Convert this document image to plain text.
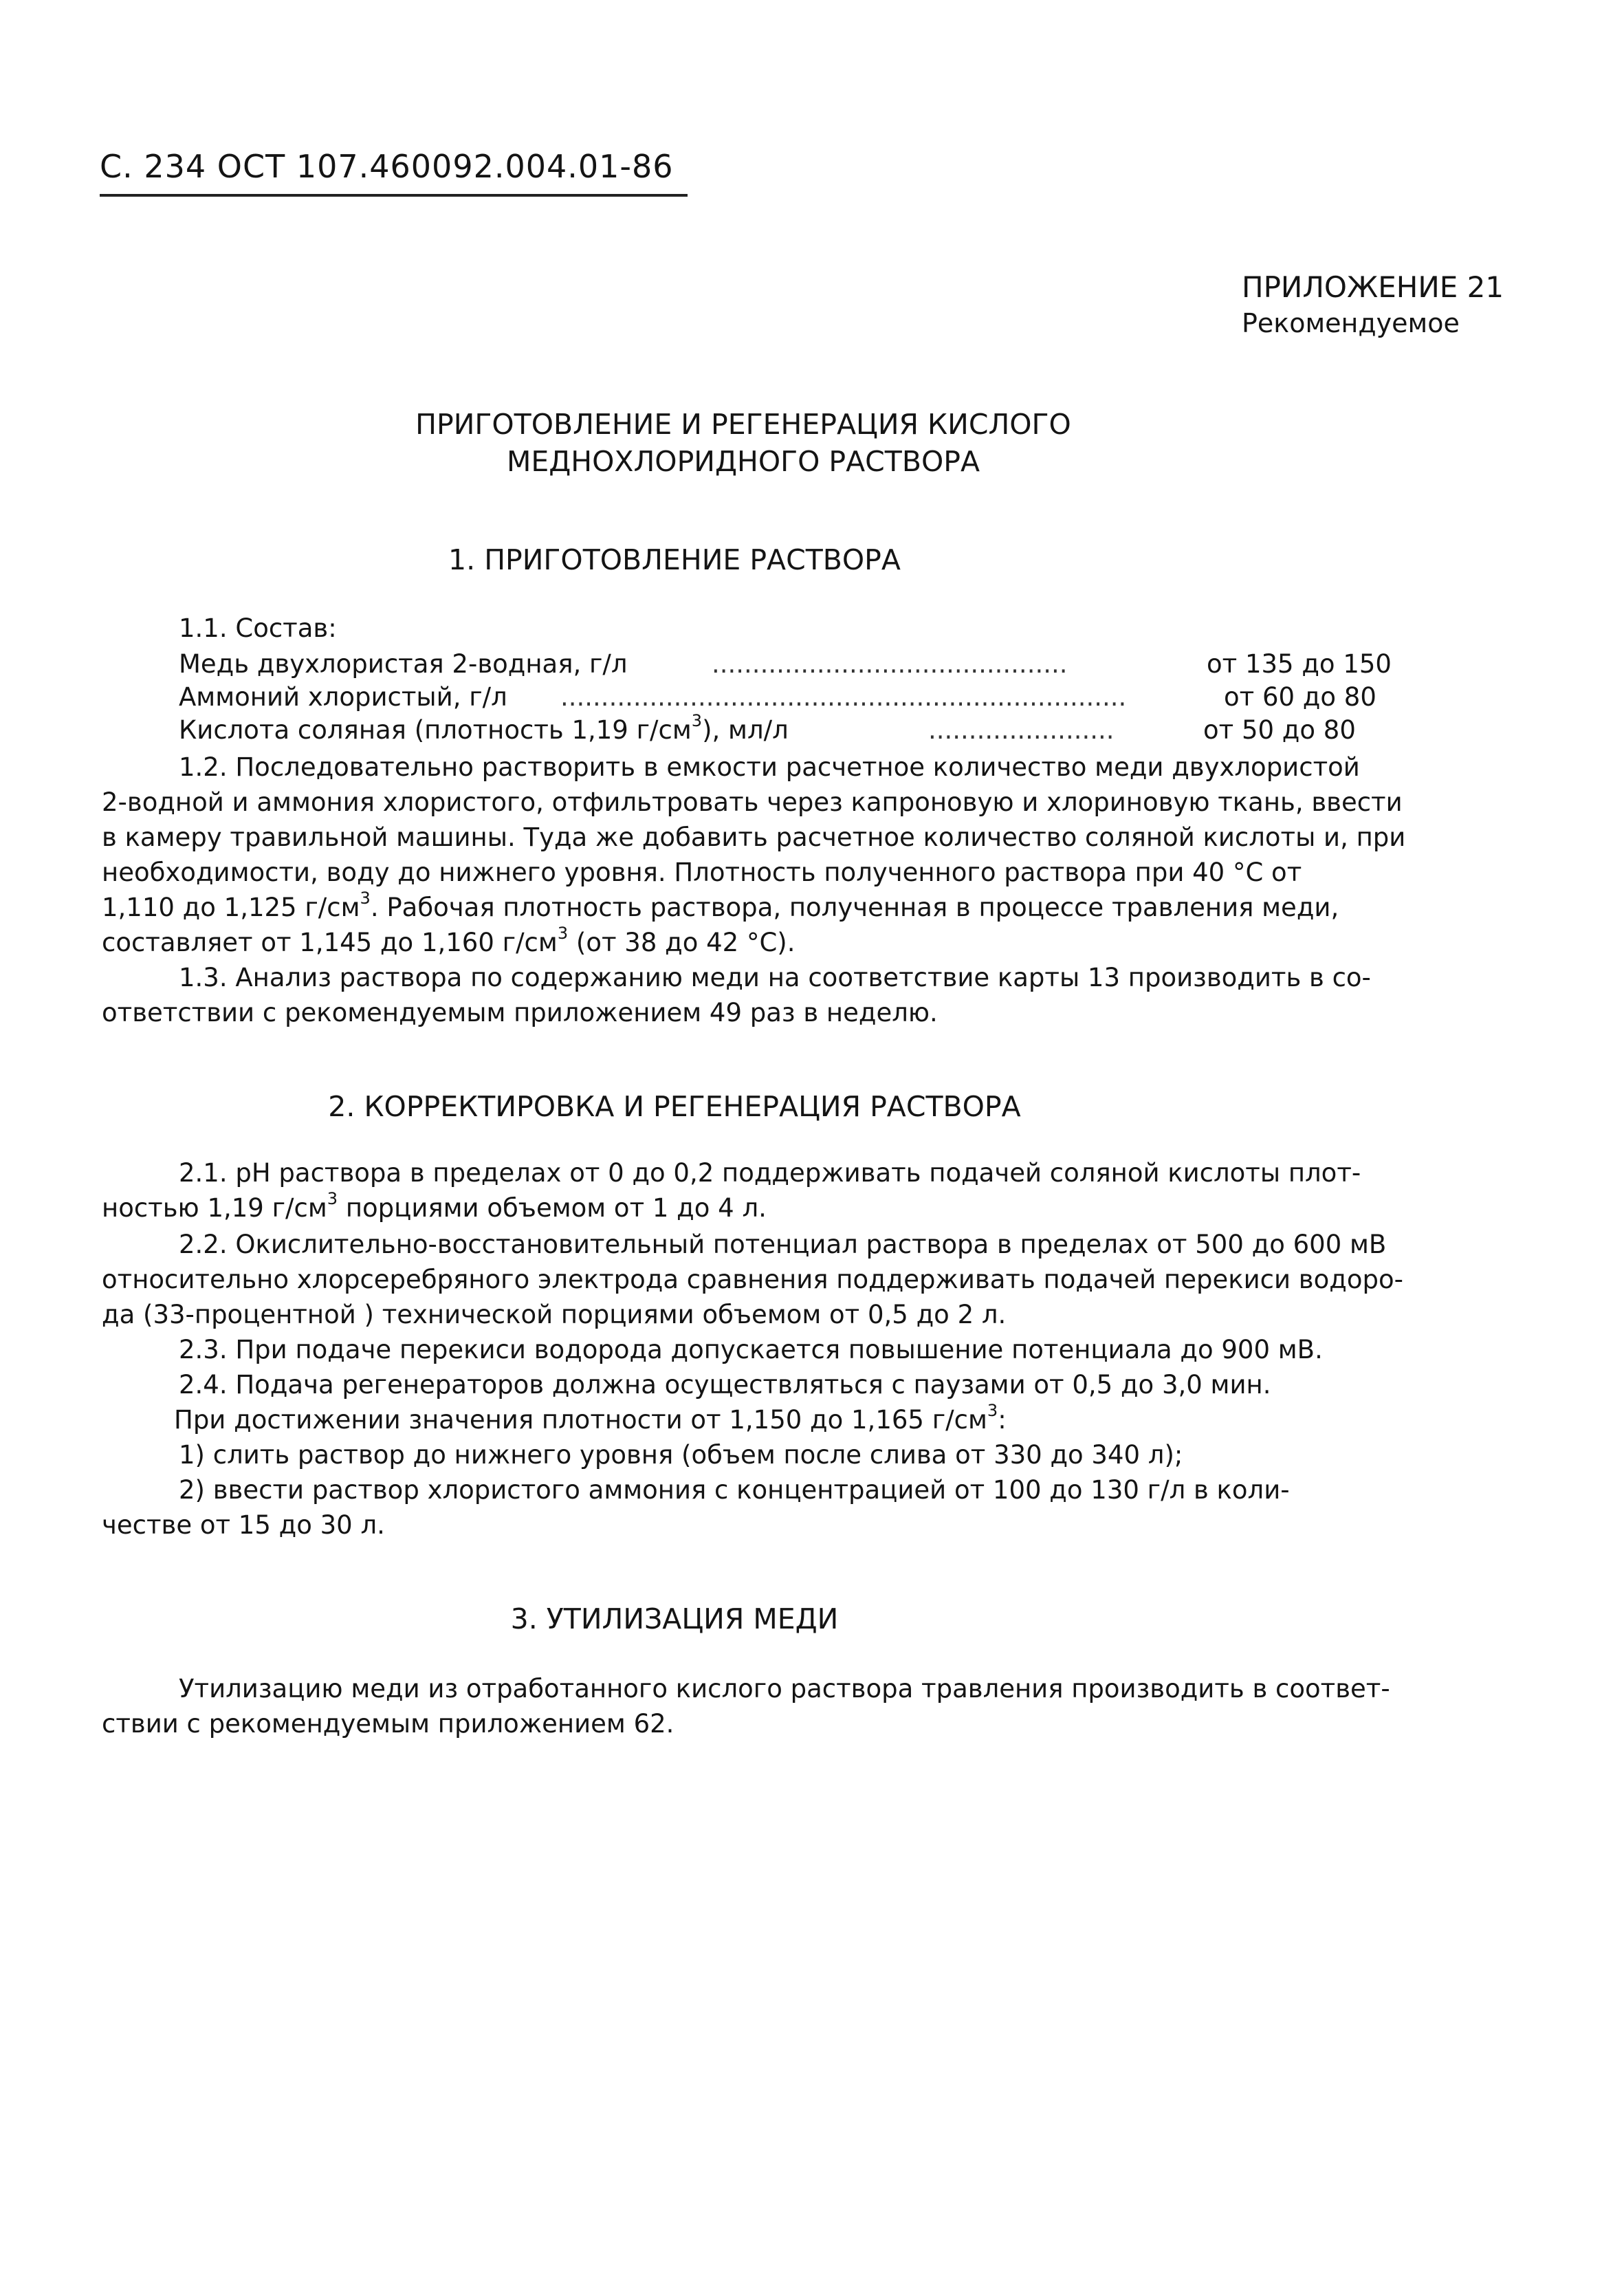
С. 234 ОСТ 107.460092.004.01-86
ПРИЛОЖЕНИЕ 21
Рекомендуемое
ПРИГОТОВЛЕНИЕ И РЕГЕНЕРАЦИЯ КИСЛОГО
МЕДНОХЛОРИДНОГО РАСТВОРА
1. ПРИГОТОВЛЕНИЕ РАСТВОРА
1.1. Состав:
............................................
Медь двухлористая 2-водная, г/л	от 135 до 150
......................................................................
Аммоний хлористый, г/л	от 60 до 80
.......................
Кислота соляная (плотность 1,19 $г/см^3$), мл/л	от 50 до 80
1.2. Последовательно растворить в емкости расчетное количество меди двухлористой
2-водной и аммония хлористого, отфильтровать через капроновую и хлориновую ткань, ввести
в камеру травильной машины. Туда же добавить расчетное количество соляной кислоты и, при
необходимости, воду до нижнего уровня. Плотность полученного раствора при 40 °С от
1,110 до 1,125 $г/см^3$. Рабочая плотность раствора, полученная в процессе травления меди,
составляет от 1,145 до 1,160 $г/см^3$ (от 38 до 42 °С).
1.3. Анализ раствора по содержанию меди на соответствие карты 13 производить в со-
ответствии с рекомендуемым приложением 49 раз в неделю.
2. КОРРЕКТИРОВКА И РЕГЕНЕРАЦИЯ РАСТВОРА
2.1. рН раствора в пределах от 0 до 0,2 поддерживать подачей соляной кислоты плот-
ностью 1,19 $г/см^3$ порциями объемом от 1 до 4 л.
2.2. Окислительно-восстановительный потенциал раствора в пределах от 500 до 600 мВ
относительно хлорсеребряного электрода сравнения поддерживать подачей перекиси водоро-
да (33-процентной ) технической порциями объемом от 0,5 до 2 л.
2.3. При подаче перекиси водорода допускается повышение потенциала до 900 мВ.
2.4. Подача регенераторов должна осуществляться с паузами от 0,5 до 3,0 мин.
При достижении значения плотности от 1,150 до 1,165 $г/см^3$:
1) слить раствор до нижнего уровня (объем после слива от 330 до 340 л);
2) ввести раствор хлористого аммония с концентрацией от 100 до 130 г/л в коли-
честве от 15 до 30 л.
3. УТИЛИЗАЦИЯ МЕДИ
Утилизацию меди из отработанного кислого раствора травления производить в соответ-
ствии с рекомендуемым приложением 62.
